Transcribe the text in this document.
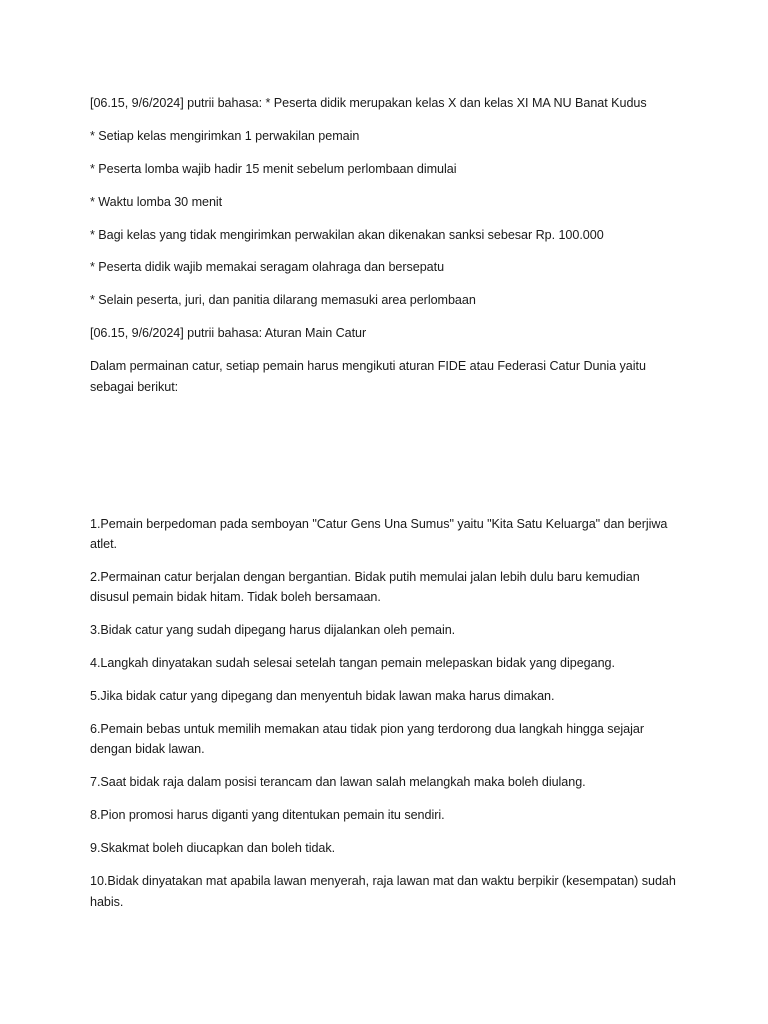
[06.15, 9/6/2024] putrii bahasa: * Peserta didik merupakan kelas X dan kelas XI MA NU Banat Kudus

* Setiap kelas mengirimkan 1 perwakilan pemain

* Peserta lomba wajib hadir 15 menit sebelum perlombaan dimulai

* Waktu lomba 30 menit

* Bagi kelas yang tidak mengirimkan perwakilan akan dikenakan sanksi sebesar Rp. 100.000

* Peserta didik wajib memakai seragam olahraga dan bersepatu

* Selain peserta, juri, dan panitia dilarang memasuki area perlombaan

[06.15, 9/6/2024] putrii bahasa: Aturan Main Catur

Dalam permainan catur, setiap pemain harus mengikuti aturan FIDE atau Federasi Catur Dunia yaitu sebagai berikut:

1.Pemain berpedoman pada semboyan "Catur Gens Una Sumus" yaitu "Kita Satu Keluarga" dan berjiwa atlet.

2.Permainan catur berjalan dengan bergantian. Bidak putih memulai jalan lebih dulu baru kemudian disusul pemain bidak hitam. Tidak boleh bersamaan.

3.Bidak catur yang sudah dipegang harus dijalankan oleh pemain.

4.Langkah dinyatakan sudah selesai setelah tangan pemain melepaskan bidak yang dipegang.

5.Jika bidak catur yang dipegang dan menyentuh bidak lawan maka harus dimakan.

6.Pemain bebas untuk memilih memakan atau tidak pion yang terdorong dua langkah hingga sejajar dengan bidak lawan.

7.Saat bidak raja dalam posisi terancam dan lawan salah melangkah maka boleh diulang.

8.Pion promosi harus diganti yang ditentukan pemain itu sendiri.

9.Skakmat boleh diucapkan dan boleh tidak.

10.Bidak dinyatakan mat apabila lawan menyerah, raja lawan mat dan waktu berpikir (kesempatan) sudah habis.
